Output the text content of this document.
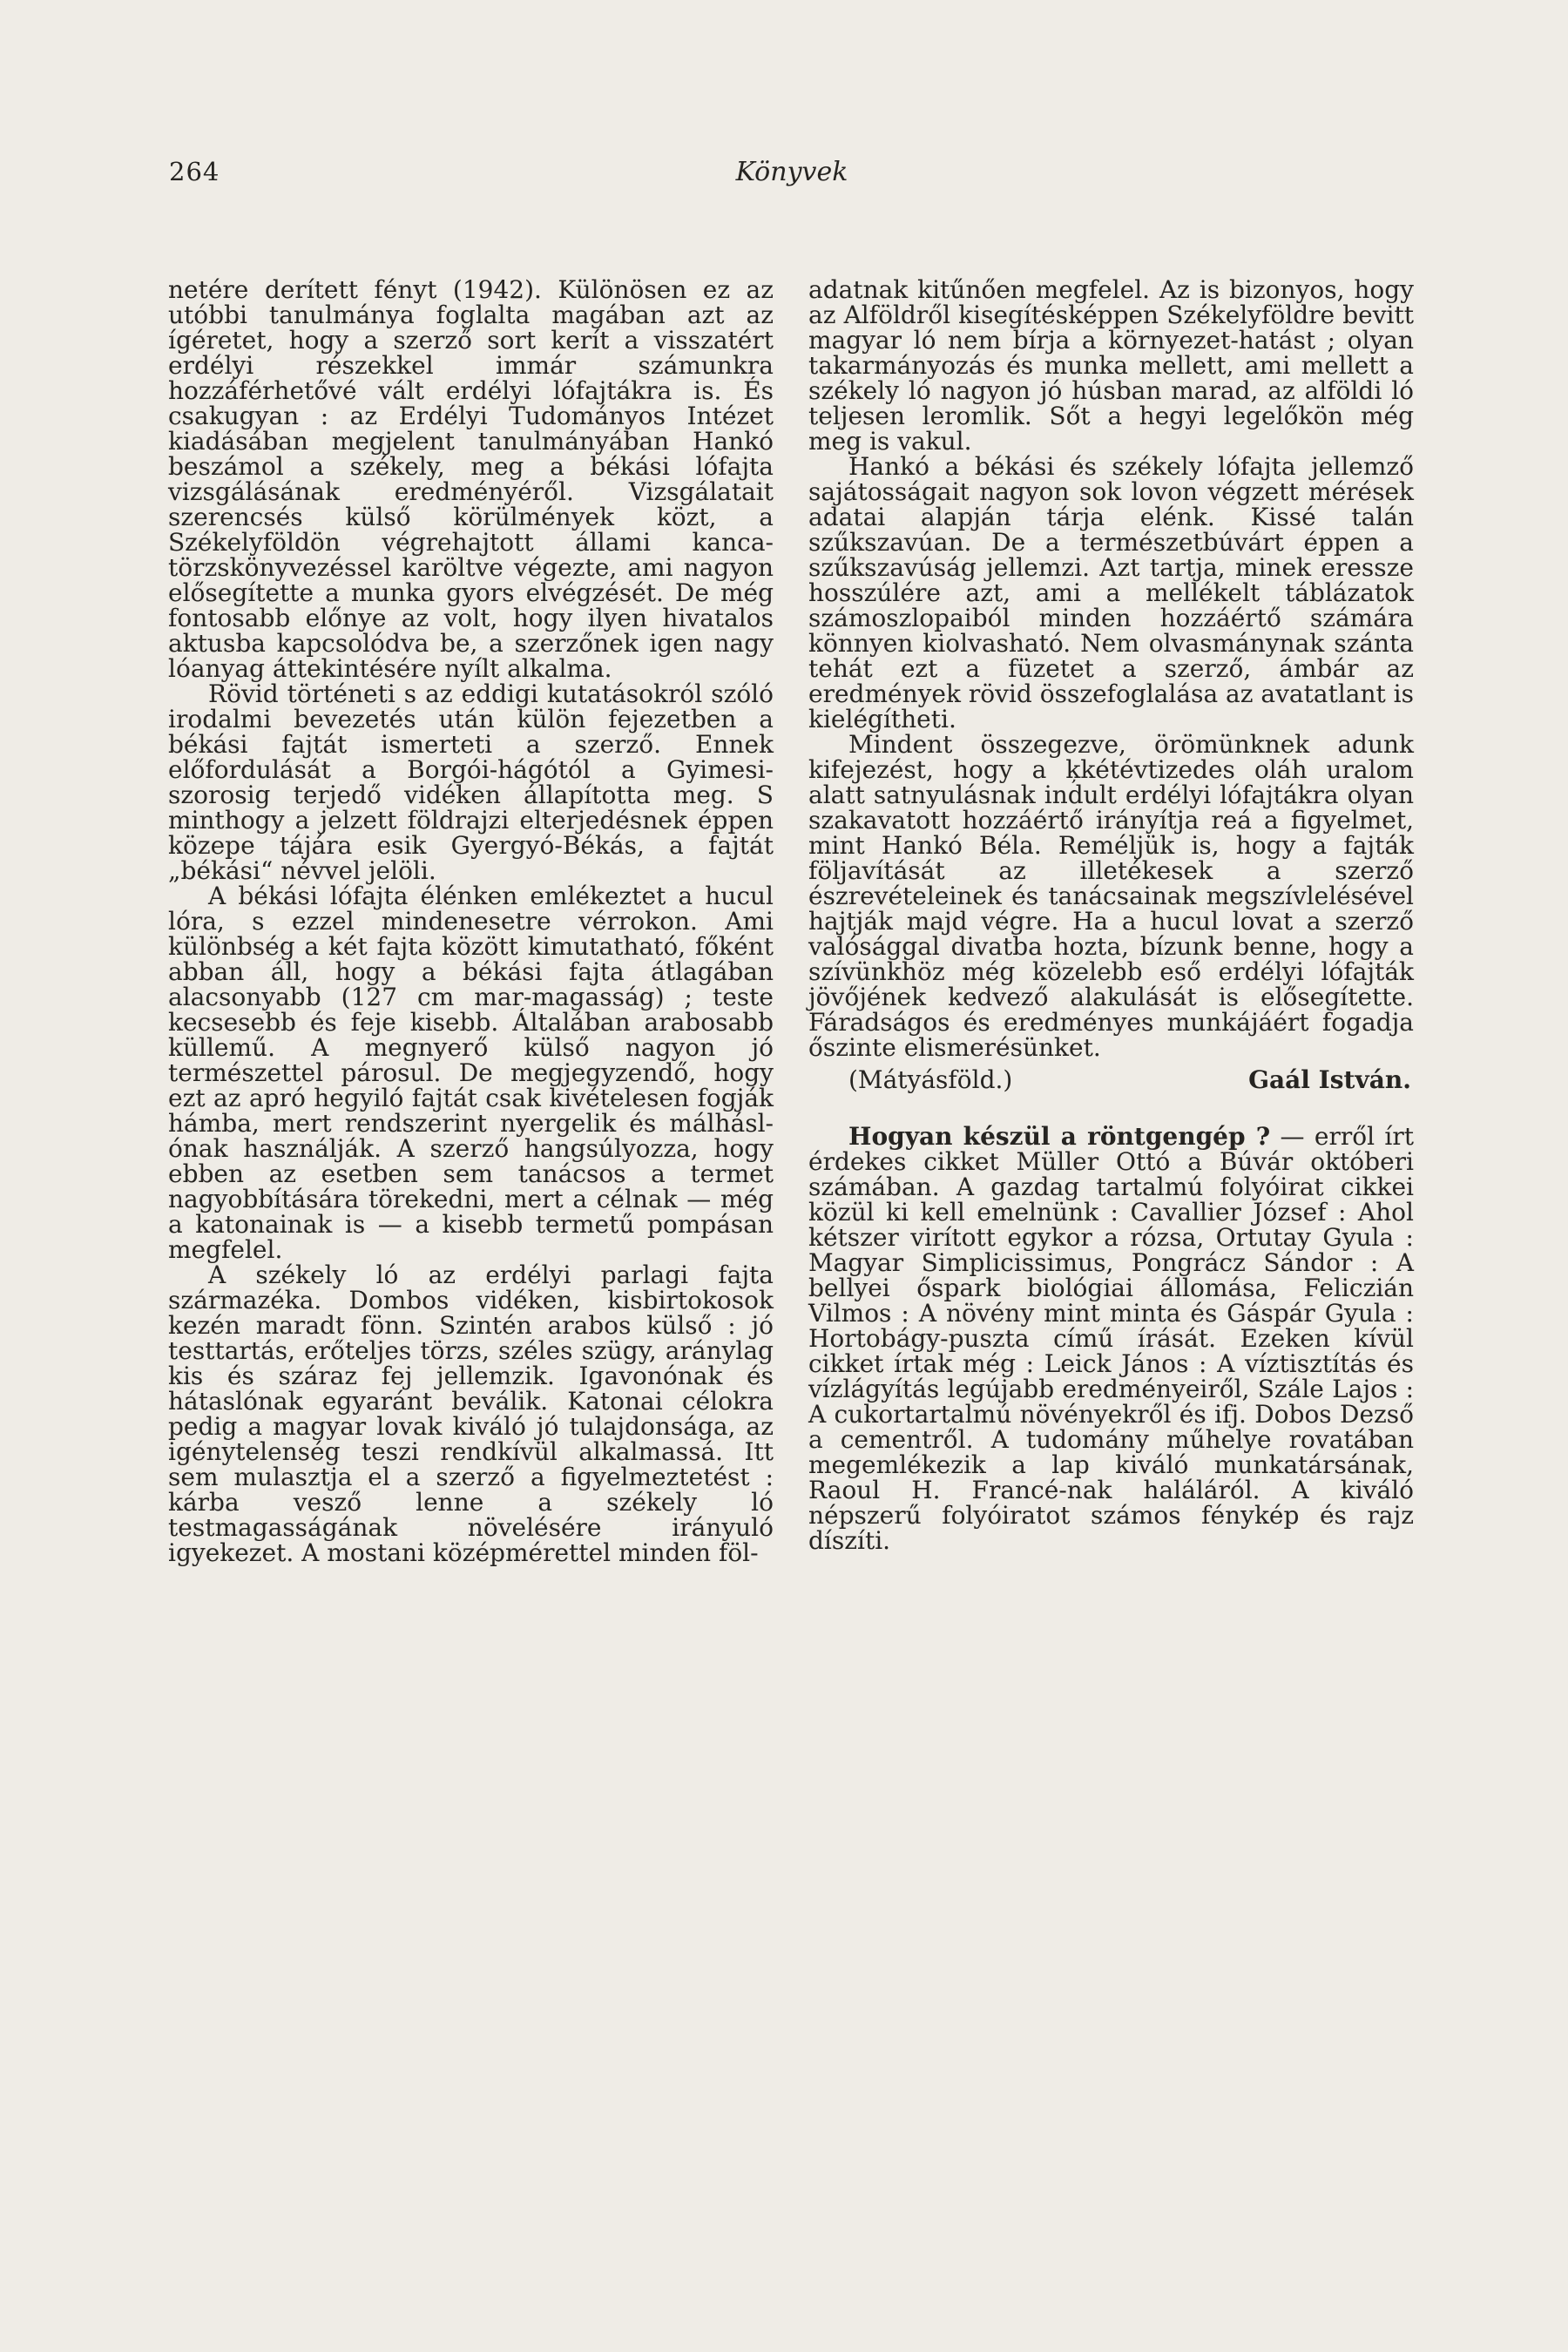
264	Könyvek

netére derített fényt (1942). Különösen ez az utóbbi tanulmánya foglalta magában azt az ígéretet, hogy a szerző sort kerít a visszatért erdélyi részekkel immár számunkra hozzáférhetővé vált erdélyi lófajtákra is. És csakugyan : az Erdélyi Tudományos Intézet kiadásában megjelent tanulmányában Hankó beszámol a székely, meg a békási lófajta vizsgálásának eredményéről. Vizsgálatait szerencsés külső körülmények közt, a Székelyföldön végrehajtott állami kanca-törzskönyvezéssel karöltve végezte, ami nagyon elősegítette a munka gyors elvégzését. De még fontosabb előnye az volt, hogy ilyen hivatalos aktusba kapcsolódva be, a szerzőnek igen nagy lóanyag áttekintésére nyílt alkalma.

Rövid történeti s az eddigi kutatásokról szóló irodalmi bevezetés után külön fejezetben a békási fajtát ismerteti a szerző. Ennek előfordulását a Borgói-hágótól a Gyimesi-szorosig terjedő vidéken állapította meg. S minthogy a jelzett földrajzi elterjedésnek éppen közepe tájára esik Gyergyó-Békás, a fajtát „békási“ névvel jelöli.

A békási lófajta élénken emlékeztet a hucul lóra, s ezzel mindenesetre vérrokon. Ami különbség a két fajta között kimutatható, főként abban áll, hogy a békási fajta átlagában alacsonyabb (127 cm mar-magasság) ; teste kecsesebb és feje kisebb. Általában arabosabb küllemű. A megnyerő külső nagyon jó természettel párosul. De megjegyzendő, hogy ezt az apró hegyiló fajtát csak kivételesen fogják hámba, mert rendszerint nyergelik és málháslónak használják. A szerző hangsúlyozza, hogy ebben az esetben sem tanácsos a termet nagyobbítására törekedni, mert a célnak — még a katonainak is — a kisebb termetű pompásan megfelel.

A székely ló az erdélyi parlagi fajta származéka. Dombos vidéken, kisbirtokosok kezén maradt fönn. Szintén arabos külső : jó testtartás, erőteljes törzs, széles szügy, aránylag kis és száraz fej jellemzik. Igavonónak és hátaslónak egyaránt beválik. Katonai célokra pedig a magyar lovak kiváló jó tulajdonsága, az igénytelenség teszi rendkívül alkalmassá. Itt sem mulasztja el a szerző a figyelmeztetést : kárba vesző lenne a székely ló testmagasságának növelésére irányuló igyekezet. A mostani középmérettel minden föl-

adatnak kitűnően megfelel. Az is bizonyos, hogy az Alföldről kisegítésképpen Székelyföldre bevitt magyar ló nem bírja a környezet-hatást ; olyan takarmányozás és munka mellett, ami mellett a székely ló nagyon jó húsban marad, az alföldi ló teljesen leromlik. Sőt a hegyi legelőkön még meg is vakul.

Hankó a békási és székely lófajta jellemző sajátosságait nagyon sok lovon végzett mérések adatai alapján tárja elénk. Kissé talán szűkszavúan. De a természetbúvárt éppen a szűkszavúság jellemzi. Azt tartja, minek eressze hosszúlére azt, ami a mellékelt táblázatok számoszlopaiból minden hozzáértő számára könnyen kiolvasható. Nem olvasmánynak szánta tehát ezt a füzetet a szerző, ámbár az eredmények rövid összefoglalása az avatatlant is kielégítheti.

Mindent összegezve, örömünknek adunk kifejezést, hogy a ķkétévtizedes oláh uralom alatt satnyulásnak indult erdélyi lófajtákra olyan szakavatott hozzáértő irányítja reá a figyelmet, mint Hankó Béla. Reméljük is, hogy a fajták följavítását az illetékesek a szerző észrevételeinek és tanácsainak megszívlelésével hajtják majd végre. Ha a hucul lovat a szerző valósággal divatba hozta, bízunk benne, hogy a szívünkhöz még közelebb eső erdélyi lófajták jövőjének kedvező alakulását is elősegítette. Fáradságos és eredményes munkájáért fogadja őszinte elismerésünket.

(Mátyásföld.)	Gaál István.

Hogyan készül a röntgengép ? — erről írt érdekes cikket Müller Ottó a Búvár októberi számában. A gazdag tartalmú folyóirat cikkei közül ki kell emelnünk : Cavallier József : Ahol kétszer virított egykor a rózsa, Ortutay Gyula : Magyar Simplicissimus, Pongrácz Sándor : A bellyei őspark biológiai állomása, Feliczián Vilmos : A növény mint minta és Gáspár Gyula : Hortobágy-puszta című írását. Ezeken kívül cikket írtak még : Leick János : A víztisztítás és vízlágyítás legújabb eredményeiről, Szále Lajos : A cukortartalmú növényekről és ifj. Dobos Dezső a cementről. A tudomány műhelye rovatában megemlékezik a lap kiváló munkatársának, Raoul H. Francé-nak haláláról. A kiváló népszerű folyóiratot számos fénykép és rajz díszíti.
